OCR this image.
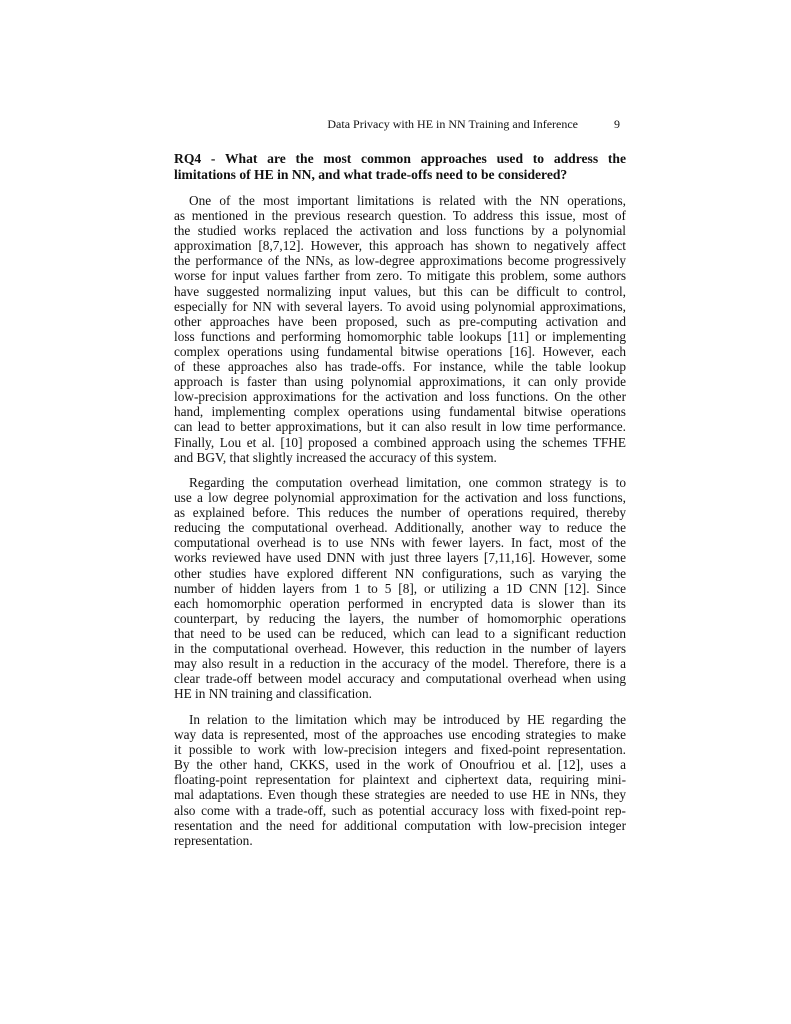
Data Privacy with HE in NN Training and Inference	9
RQ4 - What are the most common approaches used to address the
limitations of HE in NN, and what trade-offs need to be considered?
One of the most important limitations is related with the NN operations,
as mentioned in the previous research question. To address this issue, most of
the studied works replaced the activation and loss functions by a polynomial
approximation [8,7,12]. However, this approach has shown to negatively affect
the performance of the NNs, as low-degree approximations become progressively
worse for input values farther from zero. To mitigate this problem, some authors
have suggested normalizing input values, but this can be difficult to control,
especially for NN with several layers. To avoid using polynomial approximations,
other approaches have been proposed, such as pre-computing activation and
loss functions and performing homomorphic table lookups [11] or implementing
complex operations using fundamental bitwise operations [16]. However, each
of these approaches also has trade-offs. For instance, while the table lookup
approach is faster than using polynomial approximations, it can only provide
low-precision approximations for the activation and loss functions. On the other
hand, implementing complex operations using fundamental bitwise operations
can lead to better approximations, but it can also result in low time performance.
Finally, Lou et al. [10] proposed a combined approach using the schemes TFHE
and BGV, that slightly increased the accuracy of this system.
Regarding the computation overhead limitation, one common strategy is to
use a low degree polynomial approximation for the activation and loss functions,
as explained before. This reduces the number of operations required, thereby
reducing the computational overhead. Additionally, another way to reduce the
computational overhead is to use NNs with fewer layers. In fact, most of the
works reviewed have used DNN with just three layers [7,11,16]. However, some
other studies have explored different NN configurations, such as varying the
number of hidden layers from 1 to 5 [8], or utilizing a 1D CNN [12]. Since
each homomorphic operation performed in encrypted data is slower than its
counterpart, by reducing the layers, the number of homomorphic operations
that need to be used can be reduced, which can lead to a significant reduction
in the computational overhead. However, this reduction in the number of layers
may also result in a reduction in the accuracy of the model. Therefore, there is a
clear trade-off between model accuracy and computational overhead when using
HE in NN training and classification.
In relation to the limitation which may be introduced by HE regarding the
way data is represented, most of the approaches use encoding strategies to make
it possible to work with low-precision integers and fixed-point representation.
By the other hand, CKKS, used in the work of Onoufriou et al. [12], uses a
floating-point representation for plaintext and ciphertext data, requiring mini-
mal adaptations. Even though these strategies are needed to use HE in NNs, they
also come with a trade-off, such as potential accuracy loss with fixed-point rep-
resentation and the need for additional computation with low-precision integer
representation.
